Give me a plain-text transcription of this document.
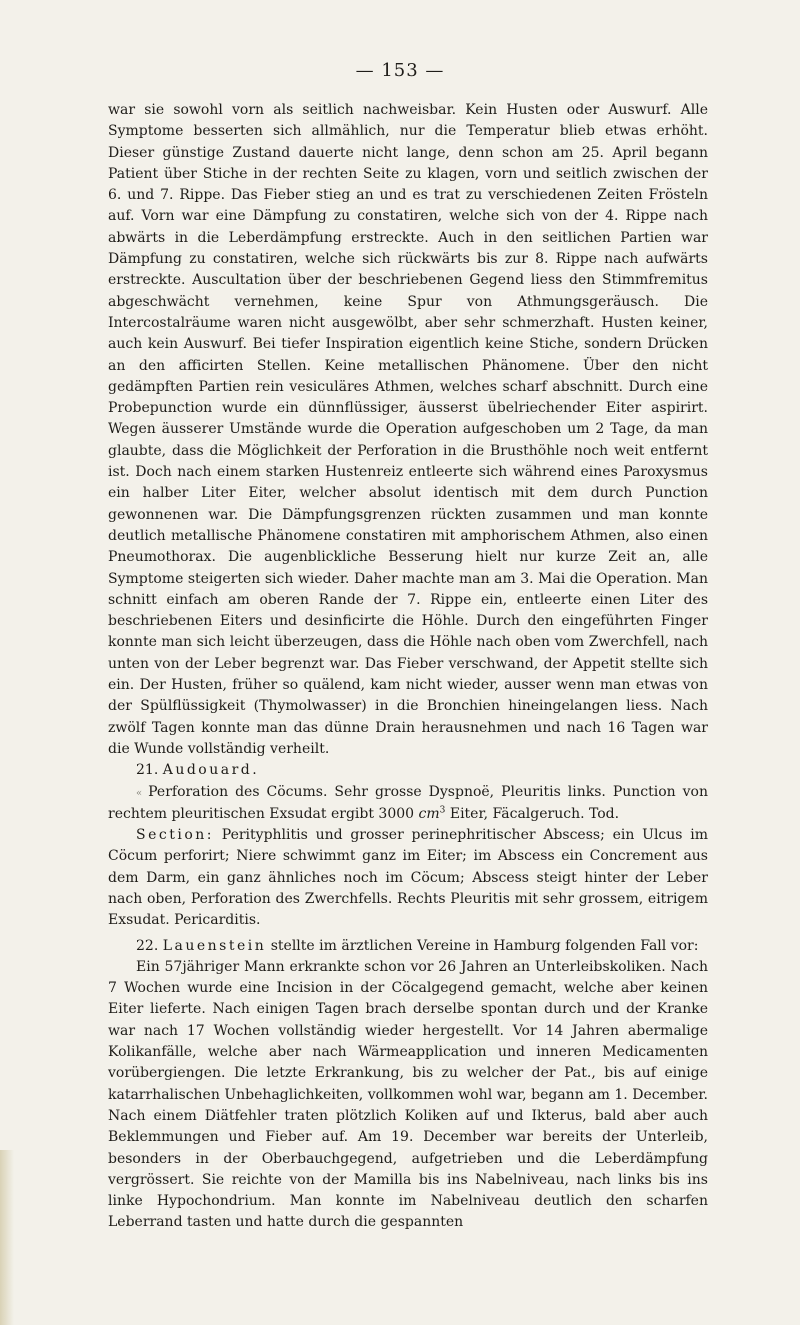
— 153 —

war sie sowohl vorn als seitlich nachweisbar. Kein Husten oder Auswurf. Alle Symptome besserten sich allmählich, nur die Temperatur blieb etwas erhöht. Dieser günstige Zustand dauerte nicht lange, denn schon am 25. April begann Patient über Stiche in der rechten Seite zu klagen, vorn und seitlich zwischen der 6. und 7. Rippe. Das Fieber stieg an und es trat zu verschiedenen Zeiten Frösteln auf. Vorn war eine Dämpfung zu constatiren, welche sich von der 4. Rippe nach abwärts in die Leberdämpfung erstreckte. Auch in den seitlichen Partien war Dämpfung zu constatiren, welche sich rückwärts bis zur 8. Rippe nach aufwärts erstreckte. Auscultation über der beschriebenen Gegend liess den Stimmfremitus abgeschwächt vernehmen, keine Spur von Athmungsgeräusch. Die Intercostalräume waren nicht ausgewölbt, aber sehr schmerzhaft. Husten keiner, auch kein Auswurf. Bei tiefer Inspiration eigentlich keine Stiche, sondern Drücken an den afficirten Stellen. Keine metallischen Phänomene. Über den nicht gedämpften Partien rein vesiculäres Athmen, welches scharf abschnitt. Durch eine Probepunction wurde ein dünnflüssiger, äusserst übelriechender Eiter aspirirt. Wegen äusserer Umstände wurde die Operation aufgeschoben um 2 Tage, da man glaubte, dass die Möglichkeit der Perforation in die Brusthöhle noch weit entfernt ist. Doch nach einem starken Hustenreiz entleerte sich während eines Paroxysmus ein halber Liter Eiter, welcher absolut identisch mit dem durch Punction gewonnenen war. Die Dämpfungsgrenzen rückten zusammen und man konnte deutlich metallische Phänomene constatiren mit amphorischem Athmen, also einen Pneumothorax. Die augenblickliche Besserung hielt nur kurze Zeit an, alle Symptome steigerten sich wieder. Daher machte man am 3. Mai die Operation. Man schnitt einfach am oberen Rande der 7. Rippe ein, entleerte einen Liter des beschriebenen Eiters und desinficirte die Höhle. Durch den eingeführten Finger konnte man sich leicht überzeugen, dass die Höhle nach oben vom Zwerchfell, nach unten von der Leber begrenzt war. Das Fieber verschwand, der Appetit stellte sich ein. Der Husten, früher so quälend, kam nicht wieder, ausser wenn man etwas von der Spülflüssigkeit (Thymolwasser) in die Bronchien hineingelangen liess. Nach zwölf Tagen konnte man das dünne Drain herausnehmen und nach 16 Tagen war die Wunde vollständig verheilt.

21. Audouard.

« Perforation des Cöcums. Sehr grosse Dyspnoë, Pleuritis links. Punction von rechtem pleuritischen Exsudat ergibt 3000 $cm^3$ Eiter, Fäcalgeruch. Tod.

Section: Perityphlitis und grosser perinephritischer Abscess; ein Ulcus im Cöcum perforirt; Niere schwimmt ganz im Eiter; im Abscess ein Concrement aus dem Darm, ein ganz ähnliches noch im Cöcum; Abscess steigt hinter der Leber nach oben, Perforation des Zwerchfells. Rechts Pleuritis mit sehr grossem, eitrigem Exsudat. Pericarditis.

22. Lauenstein stellte im ärztlichen Vereine in Hamburg folgenden Fall vor:

Ein 57jähriger Mann erkrankte schon vor 26 Jahren an Unterleibskoliken. Nach 7 Wochen wurde eine Incision in der Cöcalgegend gemacht, welche aber keinen Eiter lieferte. Nach einigen Tagen brach derselbe spontan durch und der Kranke war nach 17 Wochen vollständig wieder hergestellt. Vor 14 Jahren abermalige Kolikanfälle, welche aber nach Wärmeapplication und inneren Medicamenten vorübergiengen. Die letzte Erkrankung, bis zu welcher der Pat., bis auf einige katarrhalischen Unbehaglichkeiten, vollkommen wohl war, begann am 1. December. Nach einem Diätfehler traten plötzlich Koliken auf und Ikterus, bald aber auch Beklemmungen und Fieber auf. Am 19. December war bereits der Unterleib, besonders in der Oberbauchgegend, aufgetrieben und die Leberdämpfung vergrössert. Sie reichte von der Mamilla bis ins Nabelniveau, nach links bis ins linke Hypochondrium. Man konnte im Nabelniveau deutlich den scharfen Leberrand tasten und hatte durch die gespannten
